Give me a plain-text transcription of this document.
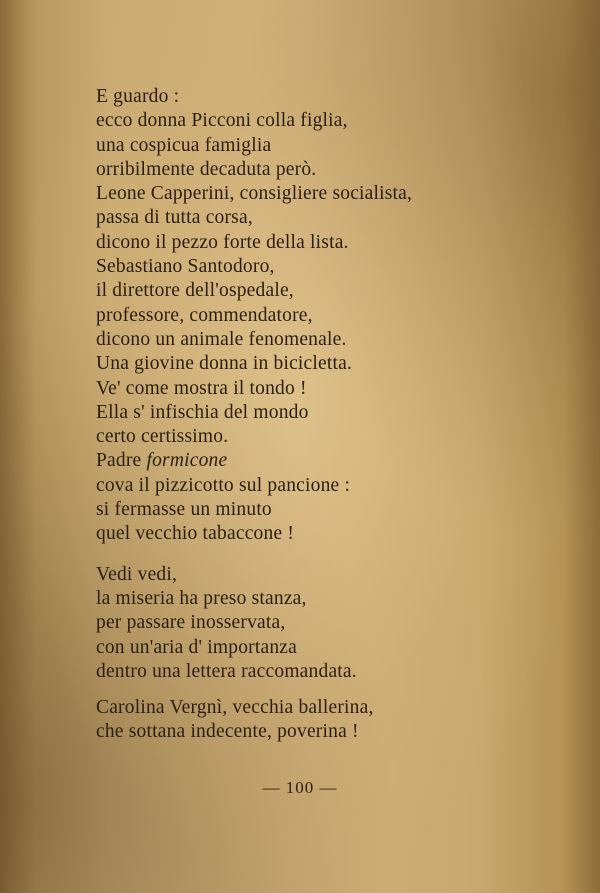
E guardo :
ecco donna Picconi colla figlia,
una cospicua famiglia
orribilmente decaduta però.
Leone Capperini, consigliere socialista,
passa di tutta corsa,
dicono il pezzo forte della lista.
Sebastiano Santodoro,
il direttore dell'ospedale,
professore, commendatore,
dicono un animale fenomenale.
Una giovine donna in bicicletta.
Ve' come mostra il tondo !
Ella s' infischia del mondo
certo certissimo.
Padre formicone
cova il pizzicotto sul pancione :
si fermasse un minuto
quel vecchio tabaccone !
Vedi vedi,
la miseria ha preso stanza,
per passare inosservata,
con un'aria d' importanza
dentro una lettera raccomandata.
Carolina Vergnì, vecchia ballerina,
che sottana indecente, poverina !
— 100 —
